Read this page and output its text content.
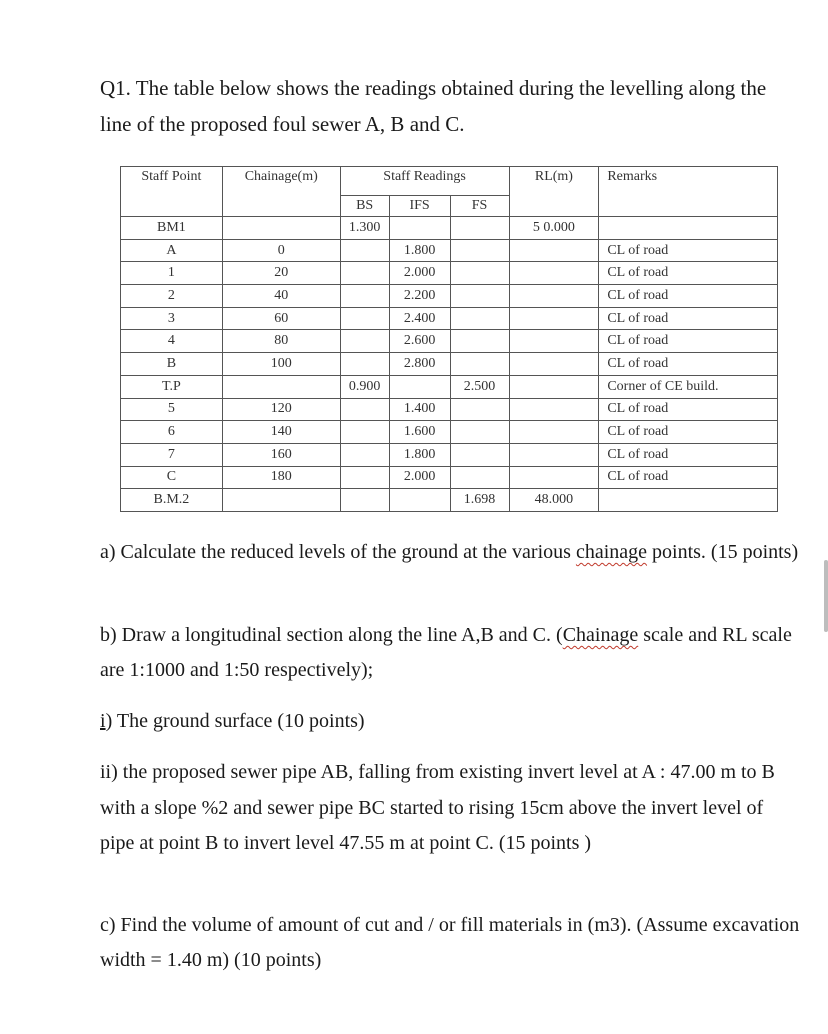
Q1. The table below shows the readings obtained during the levelling along the line of the proposed foul sewer A, B and C.

Staff Point	Chainage(m)	Staff Readings			RL(m)	Remarks
		BS	IFS	FS		
BM1		1.300			5 0.000	
A	0		1.800			CL of road
1	20		2.000			CL of road
2	40		2.200			CL of road
3	60		2.400			CL of road
4	80		2.600			CL of road
B	100		2.800			CL of road
T.P		0.900		2.500		Corner of CE build.
5	120		1.400			CL of road
6	140		1.600			CL of road
7	160		1.800			CL of road
C	180		2.000			CL of road
B.M.2				1.698	48.000	

a) Calculate the reduced levels of the ground at the various chainage points. (15 points)

b) Draw a longitudinal section along the line A,B and C. (Chainage scale and RL scale are 1:1000 and 1:50 respectively);

i) The ground surface (10 points)

ii) the proposed sewer pipe AB, falling from existing invert level at A : 47.00 m to B with a slope %2 and sewer pipe BC started to rising 15cm above the invert level of pipe at point B to invert level 47.55 m at point C. (15 points )

c) Find the volume of amount of cut and / or fill materials in (m3). (Assume excavation width = 1.40 m) (10 points)
